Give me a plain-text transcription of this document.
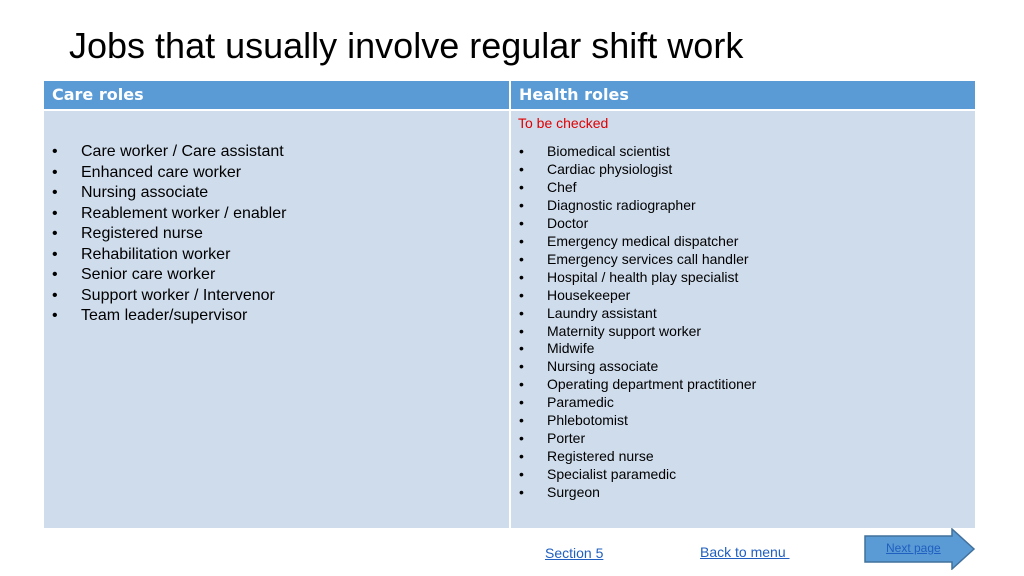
Jobs that usually involve regular shift work
Care roles	Health roles
• Care worker / Care assistant
• Enhanced care worker
• Nursing associate
• Reablement worker / enabler
• Registered nurse
• Rehabilitation worker
• Senior care worker
• Support worker / Intervenor
• Team leader/supervisor
To be checked
• Biomedical scientist
• Cardiac physiologist
• Chef
• Diagnostic radiographer
• Doctor
• Emergency medical dispatcher
• Emergency services call handler
• Hospital / health play specialist
• Housekeeper
• Laundry assistant
• Maternity support worker
• Midwife
• Nursing associate
• Operating department practitioner
• Paramedic
• Phlebotomist
• Porter
• Registered nurse
• Specialist paramedic
• Surgeon
Section 5	Back to menu	Next page
